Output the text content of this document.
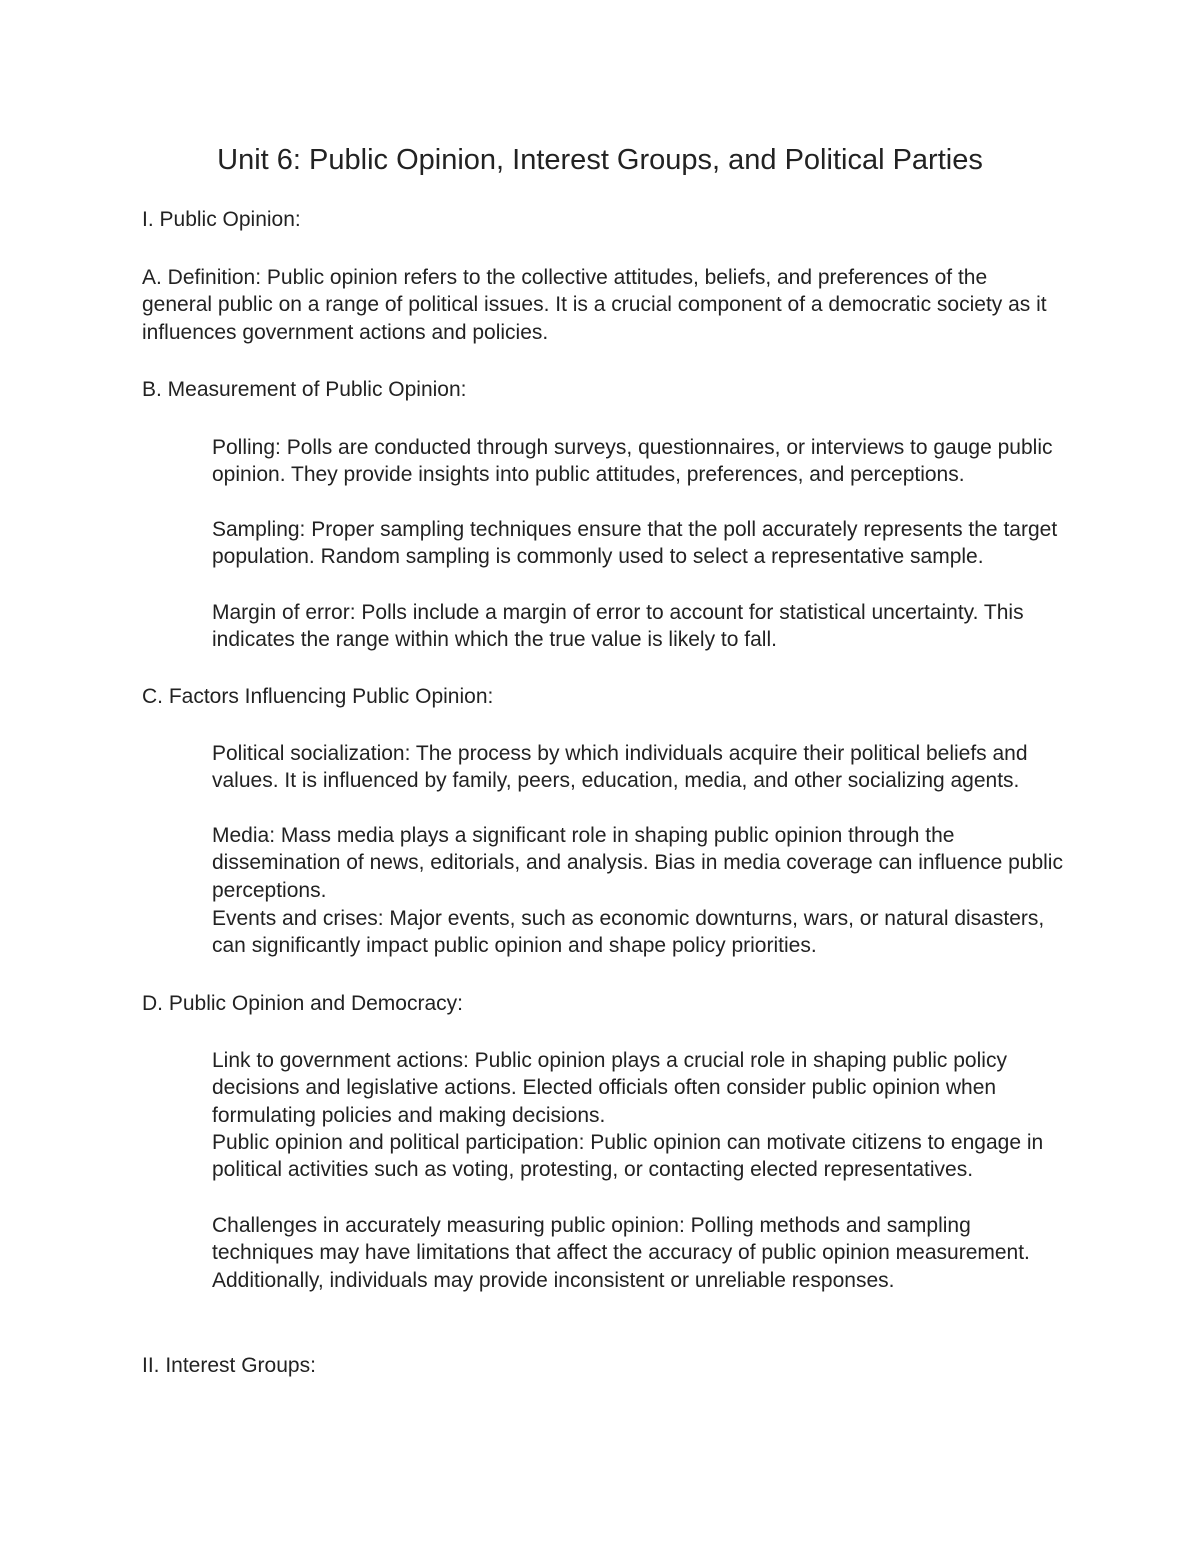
Unit 6: Public Opinion, Interest Groups, and Political Parties

I. Public Opinion:

A. Definition: Public opinion refers to the collective attitudes, beliefs, and preferences of the general public on a range of political issues. It is a crucial component of a democratic society as it influences government actions and policies.

B. Measurement of Public Opinion:

Polling: Polls are conducted through surveys, questionnaires, or interviews to gauge public opinion. They provide insights into public attitudes, preferences, and perceptions.

Sampling: Proper sampling techniques ensure that the poll accurately represents the target population. Random sampling is commonly used to select a representative sample.

Margin of error: Polls include a margin of error to account for statistical uncertainty. This indicates the range within which the true value is likely to fall.

C. Factors Influencing Public Opinion:

Political socialization: The process by which individuals acquire their political beliefs and values. It is influenced by family, peers, education, media, and other socializing agents.

Media: Mass media plays a significant role in shaping public opinion through the dissemination of news, editorials, and analysis. Bias in media coverage can influence public perceptions.

Events and crises: Major events, such as economic downturns, wars, or natural disasters, can significantly impact public opinion and shape policy priorities.

D. Public Opinion and Democracy:

Link to government actions: Public opinion plays a crucial role in shaping public policy decisions and legislative actions. Elected officials often consider public opinion when formulating policies and making decisions.

Public opinion and political participation: Public opinion can motivate citizens to engage in political activities such as voting, protesting, or contacting elected representatives.

Challenges in accurately measuring public opinion: Polling methods and sampling techniques may have limitations that affect the accuracy of public opinion measurement. Additionally, individuals may provide inconsistent or unreliable responses.

II. Interest Groups:
